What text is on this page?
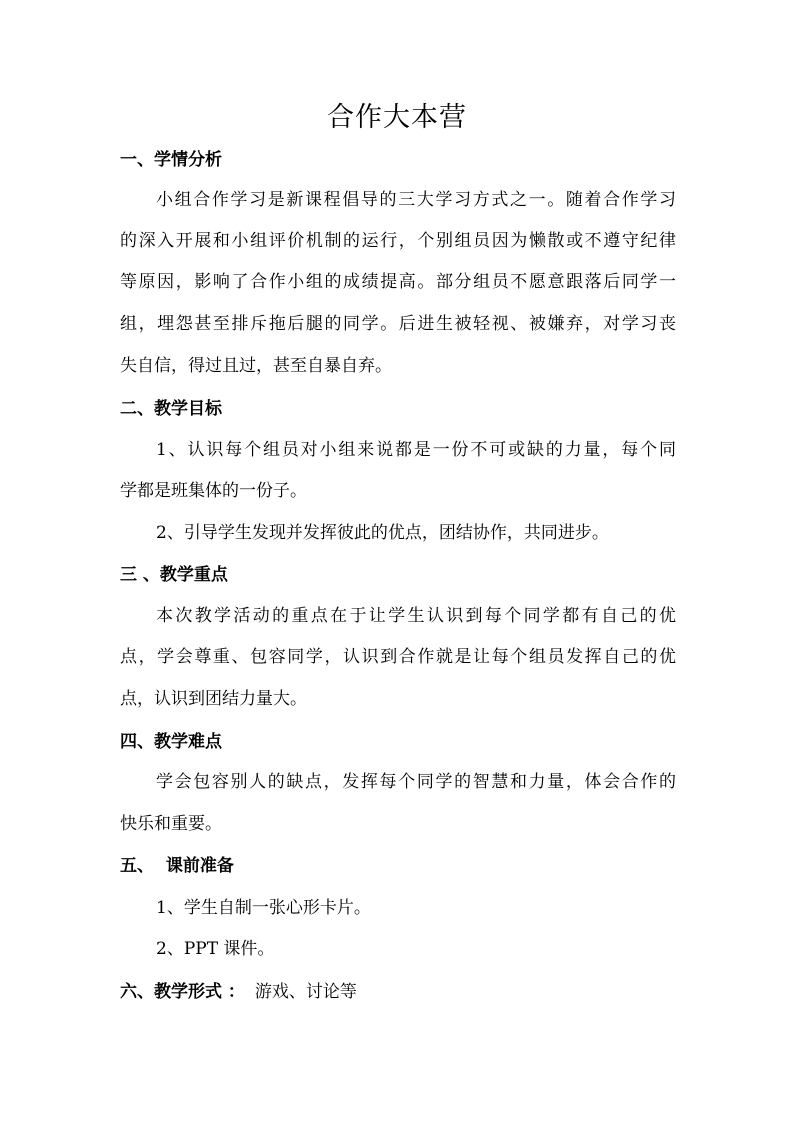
合作大本营
一、学情分析
小组合作学习是新课程倡导的三大学习方式之一。随着合作学习
的深入开展和小组评价机制的运行，个别组员因为懒散或不遵守纪律
等原因，影响了合作小组的成绩提高。部分组员不愿意跟落后同学一
组，埋怨甚至排斥拖后腿的同学。后进生被轻视、被嫌弃，对学习丧
失自信，得过且过，甚至自暴自弃。
二、教学目标
1、认识每个组员对小组来说都是一份不可或缺的力量，每个同
学都是班集体的一份子。
2、引导学生发现并发挥彼此的优点，团结协作，共同进步。
三 、教学重点
本次教学活动的重点在于让学生认识到每个同学都有自己的优
点，学会尊重、包容同学，认识到合作就是让每个组员发挥自己的优
点，认识到团结力量大。
四、教学难点
学会包容别人的缺点，发挥每个同学的智慧和力量，体会合作的
快乐和重要。
五、  课前准备
1、学生自制一张心形卡片。
2、PPT 课件。
六、教学形式 ： 游戏、讨论等
